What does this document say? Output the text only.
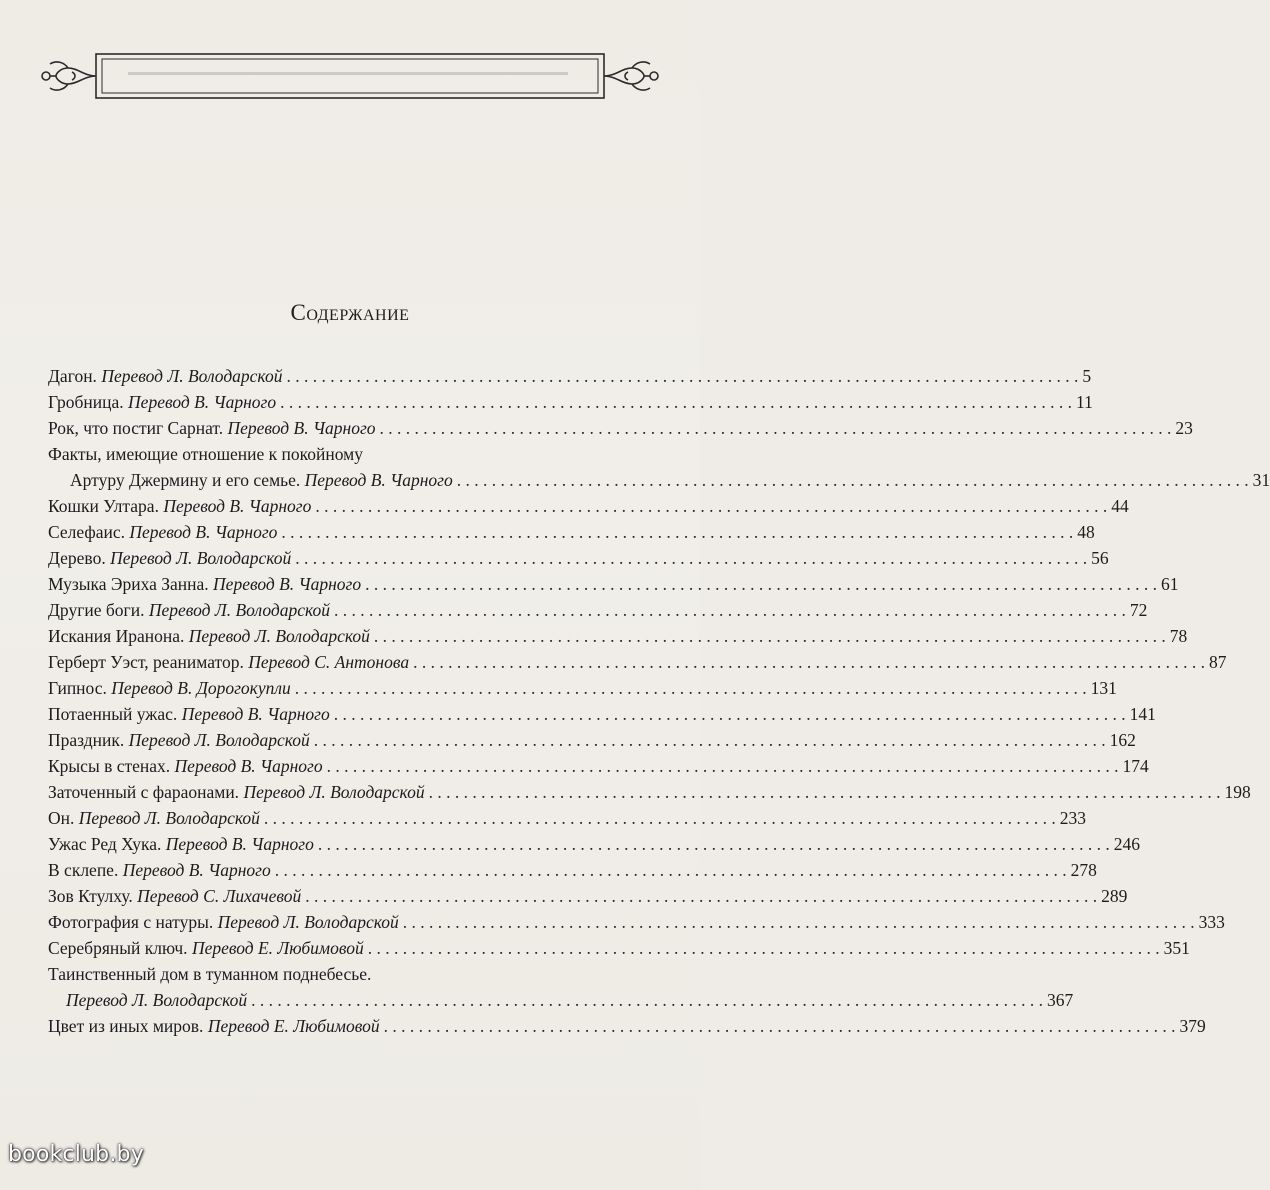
Содержание
Дагон. Перевод Л. Володарской . . .	5
Гробница. Перевод В. Чарного . . .	11
Рок, что постиг Сарнат. Перевод В. Чарного . . .	23
Факты, имеющие отношение к покойному
Артуру Джермину и его семье. Перевод В. Чарного . . .	31
Кошки Ултара. Перевод В. Чарного . . .	44
Селефаис. Перевод В. Чарного . . .	48
Дерево. Перевод Л. Володарской . . .	56
Музыка Эриха Занна. Перевод В. Чарного . . .	61
Другие боги. Перевод Л. Володарской . . .	72
Искания Иранона. Перевод Л. Володарской . . .	78
Герберт Уэст, реаниматор. Перевод С. Антонова . . .	87
Гипнос. Перевод В. Дорогокупли . . .	131
Потаенный ужас. Перевод В. Чарного . . .	141
Праздник. Перевод Л. Володарской . . .	162
Крысы в стенах. Перевод В. Чарного . . .	174
Заточенный с фараонами. Перевод Л. Володарской . . .	198
Он. Перевод Л. Володарской . . .	233
Ужас Ред Хука. Перевод В. Чарного . . .	246
В склепе. Перевод В. Чарного . . .	278
Зов Ктулху. Перевод С. Лихачевой . . .	289
Фотография с натуры. Перевод Л. Володарской . . .	333
Серебряный ключ. Перевод Е. Любимовой . . .	351
Таинственный дом в туманном поднебесье.
Перевод Л. Володарской . . .	367
Цвет из иных миров. Перевод Е. Любимовой . . .	379
bookclub.by
